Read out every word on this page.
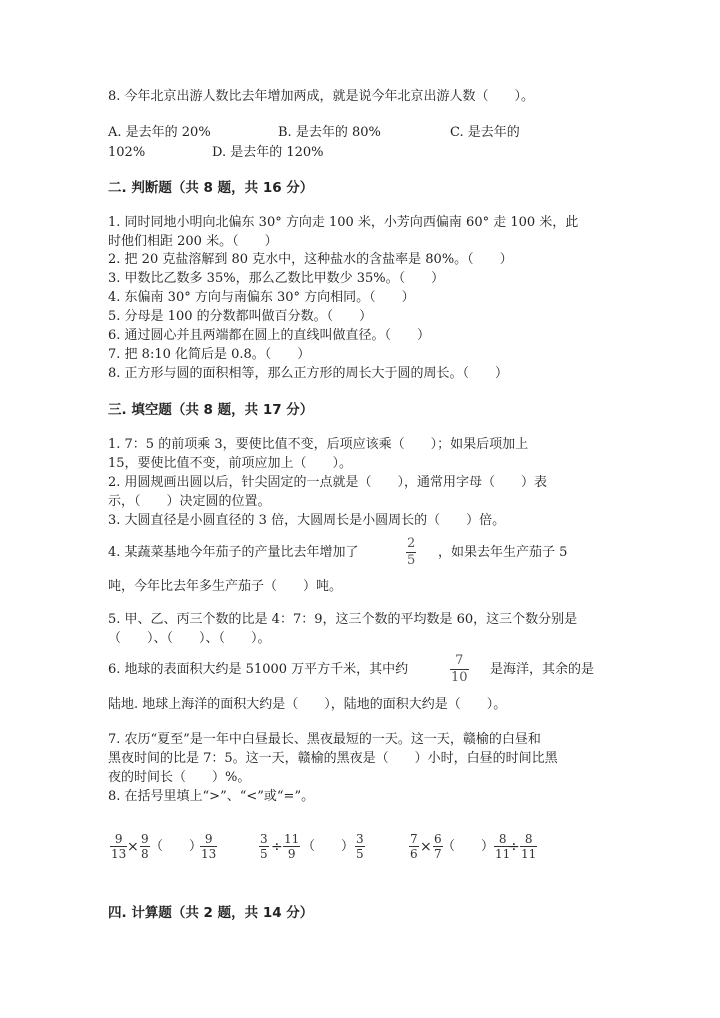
8. 今年北京出游人数比去年增加两成，就是说今年北京出游人数（　　）。
A. 是去年的 20%	B. 是去年的 80%	C. 是去年的
102%	D. 是去年的 120%
二. 判断题（共 8 题，共 16 分）
1. 同时同地小明向北偏东 30° 方向走 100 米，小芳向西偏南 60° 走 100 米，此
时他们相距 200 米。（　　）
2. 把 20 克盐溶解到 80 克水中，这种盐水的含盐率是 80%。（　　）
3. 甲数比乙数多 35%，那么乙数比甲数少 35%。（　　）
4. 东偏南 30° 方向与南偏东 30° 方向相同。（　　）
5. 分母是 100 的分数都叫做百分数。（　　）
6. 通过圆心并且两端都在圆上的直线叫做直径。（　　）
7. 把 8:10 化简后是 0.8。（　　）
8. 正方形与圆的面积相等，那么正方形的周长大于圆的周长。（　　）
三. 填空题（共 8 题，共 17 分）
1. 7：5 的前项乘 3，要使比值不变，后项应该乘（　　）；如果后项加上
15，要使比值不变，前项应加上（　　）。
2. 用圆规画出圆以后，针尖固定的一点就是（　　），通常用字母（　　）表
示，（　　）决定圆的位置。
3. 大圆直径是小圆直径的 3 倍，大圆周长是小圆周长的（　　）倍。
4. 某蔬菜基地今年茄子的产量比去年增加了
2
5
，如果去年生产茄子 5
吨，今年比去年多生产茄子（　　）吨。
5. 甲、乙、丙三个数的比是 4：7：9，这三个数的平均数是 60，这三个数分别是
（　　）、（　　）、（　　）。
6. 地球的表面积大约是 51000 万平方千米，其中约
7
10
是海洋，其余的是
陆地. 地球上海洋的面积大约是（　　），陆地的面积大约是（　　）。
7. 农历“夏至”是一年中白昼最长、黑夜最短的一天。这一天，赣榆的白昼和
黑夜时间的比是 7：5。这一天，赣榆的黑夜是（　　）小时，白昼的时间比黑
夜的时间长（　　）%。
8. 在括号里填上“>”、“<”或“=”。
9
13 × 9
8 （　　） 9
13
3
5 ÷ 11
9 （　　） 3
5
7
6 × 6
7 （　　） 8
11
÷ 8
11
四. 计算题（共 2 题，共 14 分）
